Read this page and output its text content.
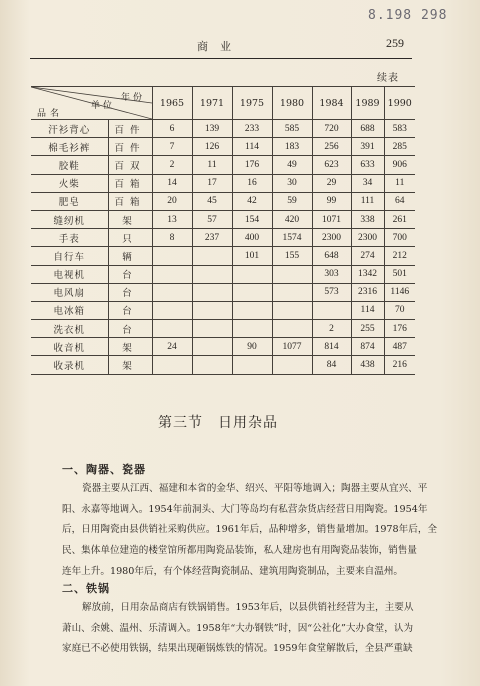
8.198 298
商业	259
续表
年份
单位
品名		1965	1971	1975	1980	1984	1989	1990
汗衫背心	百件	6	139	233	585	720	688	583
棉毛衫裤	百件	7	126	114	183	256	391	285
胶鞋	百双	2	11	176	49	623	633	906
火柴	百箱	14	17	16	30	29	34	11
肥皂	百箱	20	45	42	59	99	111	64
缝纫机	架	13	57	154	420	1071	338	261
手表	只	8	237	400	1574	2300	2300	700
自行车	辆			101	155	648	274	212
电视机	台					303	1342	501
电风扇	台					573	2316	1146
电冰箱	台						114	70
洗衣机	台					2	255	176
收音机	架	24		90	1077	814	874	487
收录机	架					84	438	216
第三节　日用杂品
一、陶器、瓷器
瓷器主要从江西、福建和本省的金华、绍兴、平阳等地调入；陶器主要从宜兴、平
阳、永嘉等地调入。1954年前洞头、大门等岛均有私营杂货店经营日用陶瓷。1954年
后，日用陶瓷由县供销社采购供应。1961年后，品种增多，销售量增加。1978年后，全
民、集体单位建造的楼堂馆所都用陶瓷品装饰，私人建房也有用陶瓷品装饰，销售量
连年上升。1980年后，有个体经营陶瓷制品、建筑用陶瓷制品，主要来自温州。
二、铁锅
解放前，日用杂品商店有铁锅销售。1953年后，以县供销社经营为主，主要从
萧山、余姚、温州、乐清调入。1958年“大办钢铁”时，因“公社化”大办食堂，认为
家庭已不必使用铁锅，结果出现砸锅炼铁的情况。1959年食堂解散后，全县严重缺
